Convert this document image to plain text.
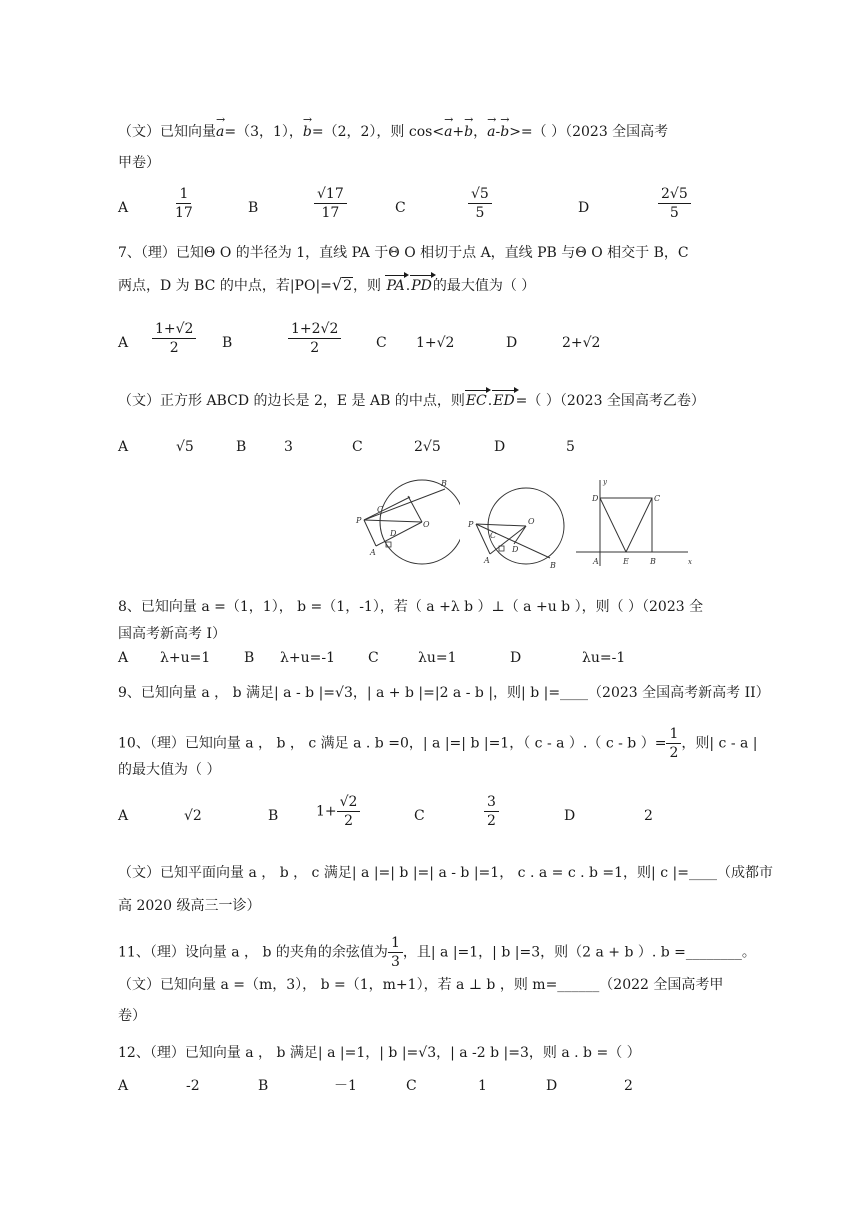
（文）已知向量→ a=（3，1），→ b=（2，2），则 cos<→ a+→ b，→ a-→ b>=（ ）（2023 全国高考
甲卷）
A	$\frac{1}{17}$	B	$\frac{√17}{17}$	C	$\frac{√5}{5}$	D	$\frac{2√5}{5}$
7、（理）已知Θ O 的半径为 1，直线 PA 于Θ O 相切于点 A，直线 PB 与Θ O 相交于 B，C
两点，D 为 BC 的中点，若|PO|=√2，则 PA.PD的最大值为（ ）
A $\frac{1+√2}{2}$ B	$\frac{1+2√2}{2}$ C 1+√2	D	2+√2
（文）正方形 ABCD 的边长是 2，E 是 AB 的中点，则EC.ED=（ ）（2023 全国高考乙卷）
A	√5	B	3	C	2√5	D	5
P
C
B
A
O
D
P
C
D
A
O
B
y
D	C
A	E	B	x
8、已知向量 a =（1，1）， b =（1，-1），若（ a +λ b ）⊥（ a +u b ），则（ ）（2023 全
国高考新高考 I）
A λ+u=1 B λ+u=-1 C	λu=1	D	λu=-1
9、已知向量 a ， b 满足| a - b |=√3，| a + b |=|2 a - b |，则| b |=____（2023 全国高考新高考 II）
10、（理）已知向量 a ， b ， c 满足 a . b =0，| a |=| b |=1，（ c - a ）.（ c - b ）= $\frac{1}{2}$ ，则| c - a |
的最大值为（ ）
A	√2	B	$1+ \frac{√2}{2}$	C	$\frac{3}{2}$	D	2
（文）已知平面向量 a ， b ， c 满足| a |=| b |=| a - b |=1， c . a = c . b =1，则| c |=____（成都市
高 2020 级高三一诊）
11、（理）设向量 a ， b 的夹角的余弦值为 $\frac{1}{3}$ ，且| a |=1，| b |=3，则（2 a + b ）. b =________。
（文）已知向量 a =（m，3）， b =（1，m+1），若 a ⊥ b ，则 m=______（2022 全国高考甲
卷）
12、（理）已知向量 a ， b 满足| a |=1，| b |=√3，| a -2 b |=3，则 a . b =（ ）
A	-2	B	－1	C	1	D	2
